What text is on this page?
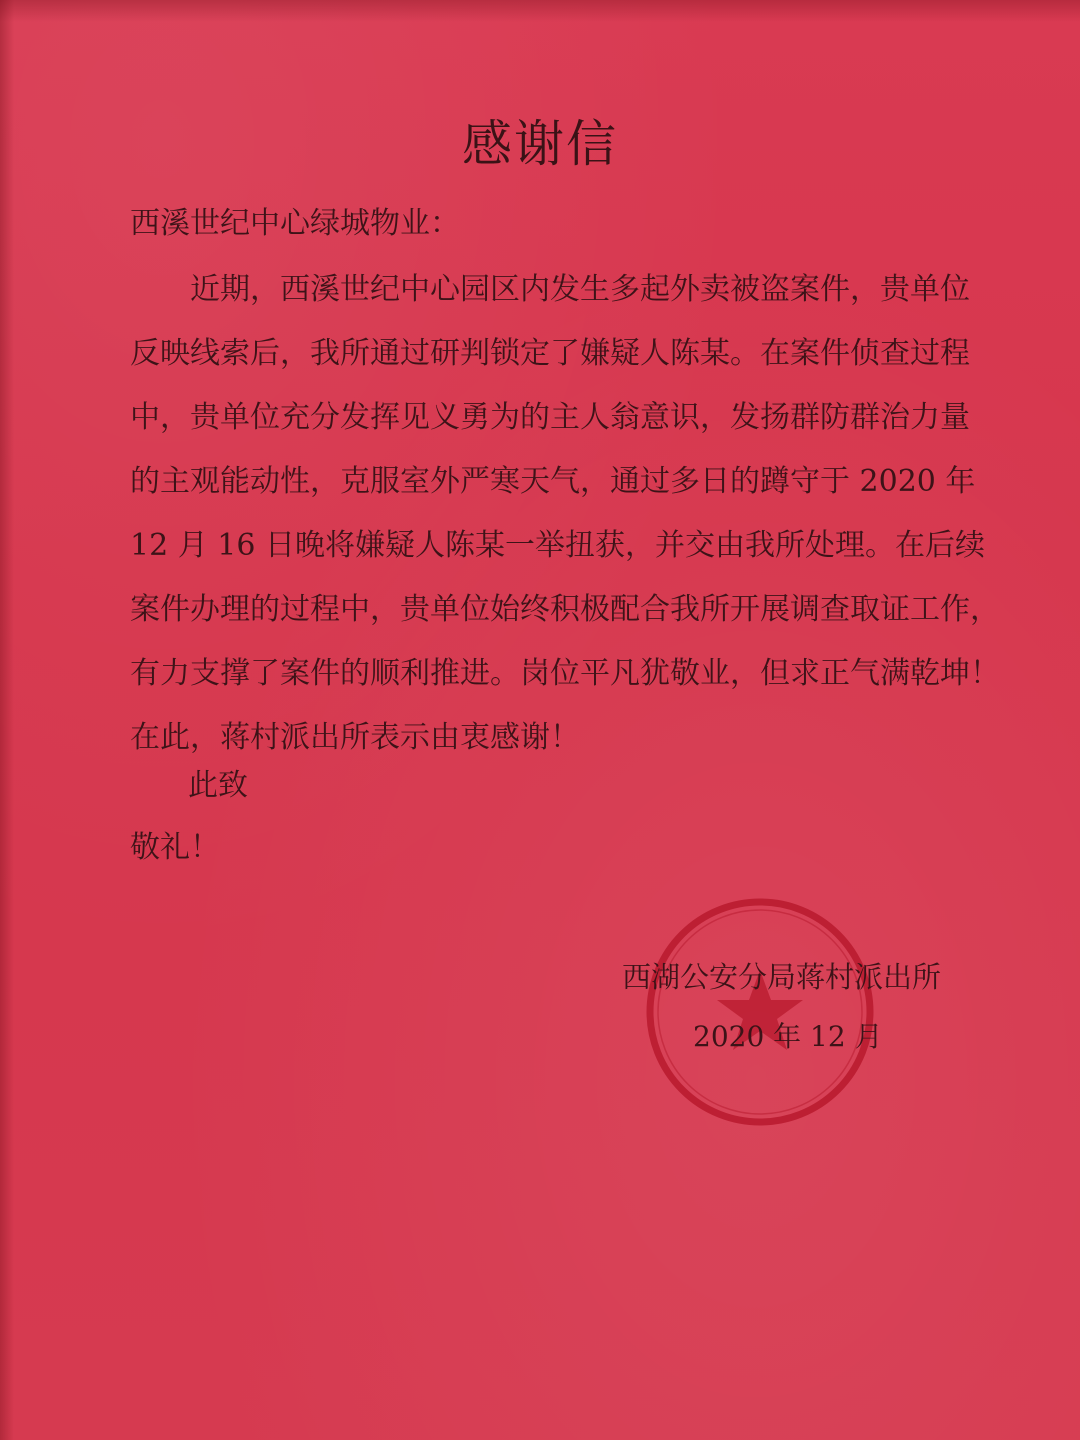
感谢信
西溪世纪中心绿城物业：
近期，西溪世纪中心园区内发生多起外卖被盗案件，贵单位
反映线索后，我所通过研判锁定了嫌疑人陈某。在案件侦查过程
中，贵单位充分发挥见义勇为的主人翁意识，发扬群防群治力量
的主观能动性，克服室外严寒天气，通过多日的蹲守于 2020 年
12 月 16 日晚将嫌疑人陈某一举扭获，并交由我所处理。在后续
案件办理的过程中，贵单位始终积极配合我所开展调查取证工作，
有力支撑了案件的顺利推进。岗位平凡犹敬业，但求正气满乾坤！
在此，蒋村派出所表示由衷感谢！
此致
敬礼！
西湖公安分局蒋村派出所
2020 年 12 月
